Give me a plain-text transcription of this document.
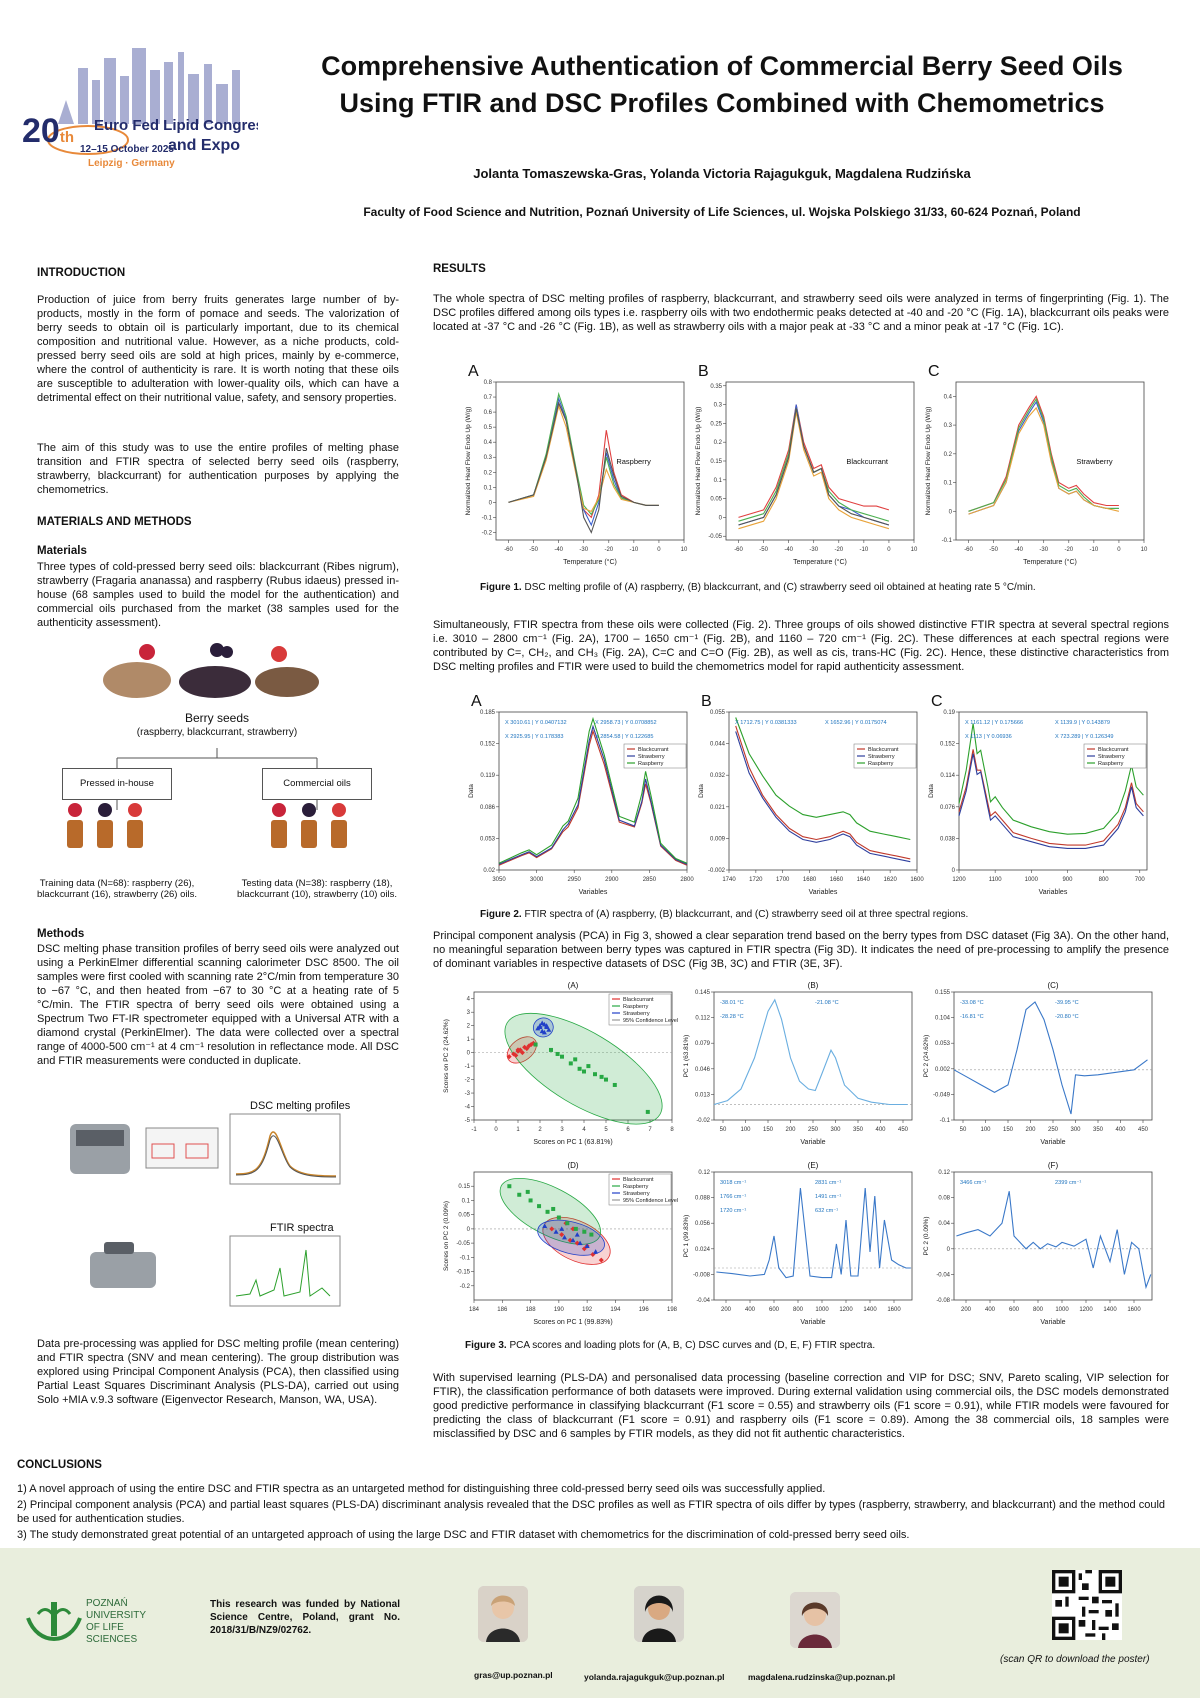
20th
Euro Fed Lipid Congress
and Expo
12–15 October 2025
Leipzig · Germany
Comprehensive Authentication of Commercial Berry Seed Oils
Using FTIR and DSC Profiles Combined with Chemometrics
Jolanta Tomaszewska-Gras, Yolanda Victoria Rajagukguk, Magdalena Rudzińska
Faculty of Food Science and Nutrition, Poznań University of Life Sciences, ul. Wojska Polskiego 31/33, 60-624 Poznań, Poland
INTRODUCTION

Production of juice from berry fruits generates large number of by-products, mostly in the form of pomace and seeds. The valorization of berry seeds to obtain oil is particularly important, due to its chemical composition and nutritional value. However, as a niche products, cold-pressed berry seed oils are sold at high prices, mainly by e-commerce, where the control of authenticity is rare. It is worth noting that these oils are susceptible to adulteration with lower-quality oils, which can have a detrimental effect on their nutritional value, safety, and sensory properties.

The aim of this study was to use the entire profiles of melting phase transition and FTIR spectra of selected berry seed oils (raspberry, strawberry, blackcurrant) for authentication purposes by applying the chemometrics.

MATERIALS AND METHODS
Materials

Three types of cold-pressed berry seed oils: blackcurrant (Ribes nigrum), strawberry (Fragaria ananassa) and raspberry (Rubus idaeus) pressed in-house (68 samples used to build the model for the authentication) and commercial oils purchased from the market (38 samples used for the authenticity assessment).

Berry seeds
(raspberry, blackcurrant, strawberry)
Pressed in-house	Commercial oils
Training data (N=68): raspberry (26), blackcurrant (16), strawberry (26) oils.
Testing data (N=38): raspberry (18), blackcurrant (10), strawberry (10) oils.
Methods

DSC melting phase transition profiles of berry seed oils were analyzed out using a PerkinElmer differential scanning calorimeter DSC 8500. The oil samples were first cooled with scanning rate 2°C/min from temperature 30 to −67 °C, and then heated from −67 to 30 °C at a heating rate of 5 °C/min. The FTIR spectra of berry seed oils were obtained using a Spectrum Two FT-IR spectrometer equipped with a Universal ATR with a diamond crystal (PerkinElmer). The data were collected over a spectral range of 4000-500 cm⁻¹ at 4 cm⁻¹ resolution in reflectance mode. All DSC and FTIR measurements were conducted in duplicate.

DSC melting profiles
FTIR spectra

Data pre-processing was applied for DSC melting profile (mean centering) and FTIR spectra (SNV and mean centering). The group distribution was explored using Principal Component Analysis (PCA), then classified using Partial Least Squares Discriminant Analysis (PLS-DA), carried out using Solo +MIA v.9.3 software (Eigenvector Research, Manson, WA, USA).

RESULTS

The whole spectra of DSC melting profiles of raspberry, blackcurrant, and strawberry seed oils were analyzed in terms of fingerprinting (Fig. 1). The DSC profiles differed among oils types i.e. raspberry oils with two endothermic peaks detected at -40 and -20 °C (Fig. 1A), blackcurrant oils peaks were located at -37 °C and -26 °C (Fig. 1B), as well as strawberry oils with a major peak at -33 °C and a minor peak at -17 °C (Fig. 1C).

A
-60	-50	-40	-30	-20	-10	0	10
-0.2
-0.1
0
0.1
0.2
0.3
0.4
0.5
0.6
0.7
0.8
Temperature (°C)
Normalized Heat Flow Endo Up (W/g)	Raspberry
B
-60	-50	-40	-30	-20	-10	0	10
-0.05
0
0.05
0.1
0.15
0.2
0.25
0.3
0.35
Temperature (°C)
Normalized Heat Flow Endo Up (W/g)	Blackcurrant
C
-60	-50	-40	-30	-20	-10	0	10
-0.1
0
0.1
0.2
0.3
0.4
Temperature (°C)
Normalized Heat Flow Endo Up (W/g)	Strawberry
Figure 1. DSC melting profile of (A) raspberry, (B) blackcurrant, and (C) strawberry seed oil obtained at heating rate 5 °C/min.

Simultaneously, FTIR spectra from these oils were collected (Fig. 2). Three groups of oils showed distinctive FTIR spectra at several spectral regions i.e. 3010 – 2800 cm⁻¹ (Fig. 2A), 1700 – 1650 cm⁻¹ (Fig. 2B), and 1160 – 720 cm⁻¹ (Fig. 2C). These differences at each spectral regions were contributed by C=, CH₂, and CH₃ (Fig. 2A), C=C and C=O (Fig. 2B), as well as cis, trans-HC (Fig. 2C). Hence, these distinctive characteristics from DSC melting profiles and FTIR were used to build the chemometrics model for rapid authenticity assessment.

A
3050	3000	2950	2900	2850	2800
0.02
0.053
0.086
0.119
0.152
0.185
Variables
Data
X 3010.61 | Y 0.0407132	X 2958.73 | Y 0.0708852
X 2925.95 | Y 0.178383	X 2854.58 | Y 0.122685
Blackcurrant
Strawberry
Raspberry
B
1740 1720 1700 1680 1660 1640 1620 1600
-0.002
0.009
0.021
0.032
0.044
0.055
Variables
Data
X 1712.75 | Y 0.0381333	X 1652.96 | Y 0.0175074
Blackcurrant
Strawberry
Raspberry
C
1200	1100	1000	900	800	700
0
0.038
0.076
0.114
0.152
0.19
Variables
Data
X 1161.12 | Y 0.175666	X 1139.9 | Y 0.143879
X 1113 | Y 0.06936	X 723.289 | Y 0.126349
Blackcurrant
Strawberry
Raspberry
Figure 2. FTIR spectra of (A) raspberry, (B) blackcurrant, and (C) strawberry seed oil at three spectral regions.

Principal component analysis (PCA) in Fig 3, showed a clear separation trend based on the berry types from DSC dataset (Fig 3A). On the other hand, no meaningful separation between berry types was captured in FTIR spectra (Fig 3D). It indicates the need of pre-processing to amplify the presence of dominant variables in respective datasets of DSC (Fig 3B, 3C) and FTIR (3E, 3F).

(A)
-1	0	1	2	3	4	5	6	7	8
-5
-4
-3
-2
-1
0
1
2
3
4
Scores on PC 1 (63.81%)
Scores on PC 2 (24.62%)
Blackcurrant
Raspberry
Strawberry
95% Confidence Level
(B)
50 100 150 200 250 300 350 400 450
-0.02
0.013
0.046
0.079
0.112
0.145
Variable
PC 1 (63.81%)
-38.01 °C	-21.08 °C
-28.28 °C
(C)
50 100 150 200 250 300 350 400 450
-0.1
-0.049
0.002
0.053
0.104
0.155
Variable
PC 2 (24.62%)
-33.08 °C	-39.95 °C
-16.81 °C	-20.80 °C
(D)
184	186	188	190	192	194	196	198
-0.2
-0.15
-0.1
-0.05
0
0.05
0.1
0.15
Scores on PC 1 (99.83%)
Scores on PC 2 (0.09%)
Blackcurrant
Raspberry
Strawberry
95% Confidence Level
(E)
200 400 600 800 1000 1200 1400 1600
-0.04
-0.008
0.024
0.056
0.088
0.12
Variable
PC 1 (99.83%)
3018 cm⁻¹	2831 cm⁻¹
1766 cm⁻¹	1491 cm⁻¹
1720 cm⁻¹	632 cm⁻¹
(F)
200 400 600 800 1000 1200 1400 1600
-0.08
-0.04
0
0.04
0.08
0.12
Variable
PC 2 (0.09%)
3466 cm⁻¹	2399 cm⁻¹
Figure 3. PCA scores and loading plots for (A, B, C) DSC curves and (D, E, F) FTIR spectra.

With supervised learning (PLS-DA) and personalised data processing (baseline correction and VIP for DSC; SNV, Pareto scaling, VIP selection for FTIR), the classification performance of both datasets were improved. During external validation using commercial oils, the DSC models demonstrated good predictive performance in classifying blackcurrant (F1 score = 0.55) and strawberry oils (F1 score = 0.91), while FTIR models were favoured for predicting the class of blackcurrant (F1 score = 0.91) and raspberry oils (F1 score = 0.89). Among the 38 commercial oils, 18 samples were misclassified by DSC and 6 samples by FTIR models, as they did not fit authentic characteristics.

CONCLUSIONS

1) A novel approach of using the entire DSC and FTIR spectra as an untargeted method for distinguishing three cold-pressed berry seed oils was successfully applied.

2) Principal component analysis (PCA) and partial least squares (PLS-DA) discriminant analysis revealed that the DSC profiles as well as FTIR spectra of oils differ by types (raspberry, strawberry, and blackcurrant) and the method could be used for authentication studies.

3) The study demonstrated great potential of an untargeted approach of using the large DSC and FTIR dataset with chemometrics for the discrimination of cold-pressed berry seed oils.

POZNAŃ
UNIVERSITY
OF LIFE SCIENCES
This research was funded by National Science Centre, Poland, grant No. 2018/31/B/NZ9/02762.
gras@up.poznan.pl	yolanda.rajagukguk@up.poznan.pl	magdalena.rudzinska@up.poznan.pl
(scan QR to download the poster)
